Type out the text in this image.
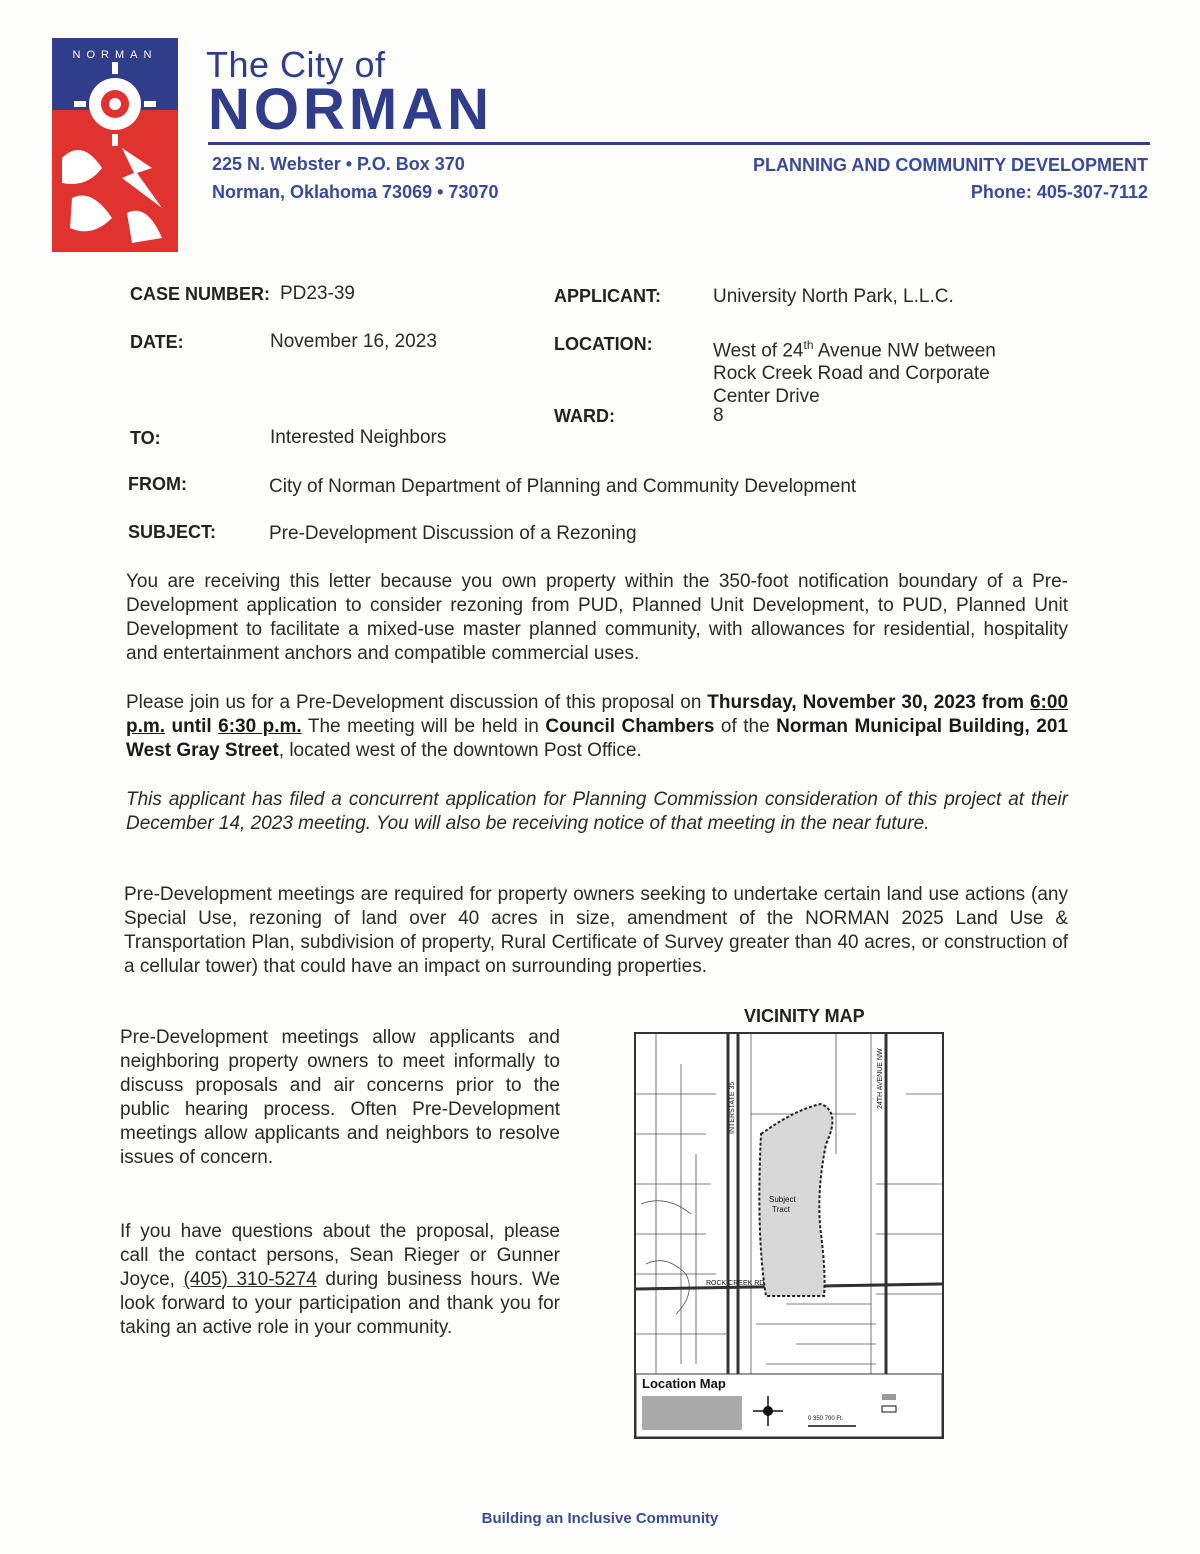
NORMAN The City of
NORMAN
225 N. Webster • P.O. Box 370
Norman, Oklahoma 73069 • 73070
PLANNING AND COMMUNITY DEVELOPMENT
Phone: 405-307-7112
CASE NUMBER: PD23-39
DATE:	November 16, 2023
APPLICANT:	University North Park, L.L.C.
LOCATION:	West of 24th Avenue NW between
Rock Creek Road and Corporate
Center Drive
WARD:	8
TO:	Interested Neighbors
FROM:	City of Norman Department of Planning and Community Development
SUBJECT:	Pre-Development Discussion of a Rezoning
You are receiving this letter because you own property within the 350-foot notification boundary of a Pre-Development application to consider rezoning from PUD, Planned Unit Development, to PUD, Planned Unit Development to facilitate a mixed-use master planned community, with allowances for residential, hospitality and entertainment anchors and compatible commercial uses.
Please join us for a Pre-Development discussion of this proposal on Thursday, November 30, 2023 from 6:00 p.m. until 6:30 p.m. The meeting will be held in Council Chambers of the Norman Municipal Building, 201 West Gray Street, located west of the downtown Post Office.
This applicant has filed a concurrent application for Planning Commission consideration of this project at their December 14, 2023 meeting. You will also be receiving notice of that meeting in the near future.
Pre-Development meetings are required for property owners seeking to undertake certain land use actions (any Special Use, rezoning of land over 40 acres in size, amendment of the NORMAN 2025 Land Use & Transportation Plan, subdivision of property, Rural Certificate of Survey greater than 40 acres, or construction of a cellular tower) that could have an impact on surrounding properties.
Pre-Development meetings allow applicants and neighboring property owners to meet informally to discuss proposals and air concerns prior to the public hearing process. Often Pre-Development meetings allow applicants and neighbors to resolve issues of concern.
If you have questions about the proposal, please call the contact persons, Sean Rieger or Gunner Joyce, (405) 310-5274 during business hours. We look forward to your participation and thank you for taking an active role in your community.
VICINITY MAP
Subject
Tract
INTERSTATE 35	24TH AVENUE NW
ROCK CREEK RD
Location Map
0 350 700 Ft.
Building an Inclusive Community
